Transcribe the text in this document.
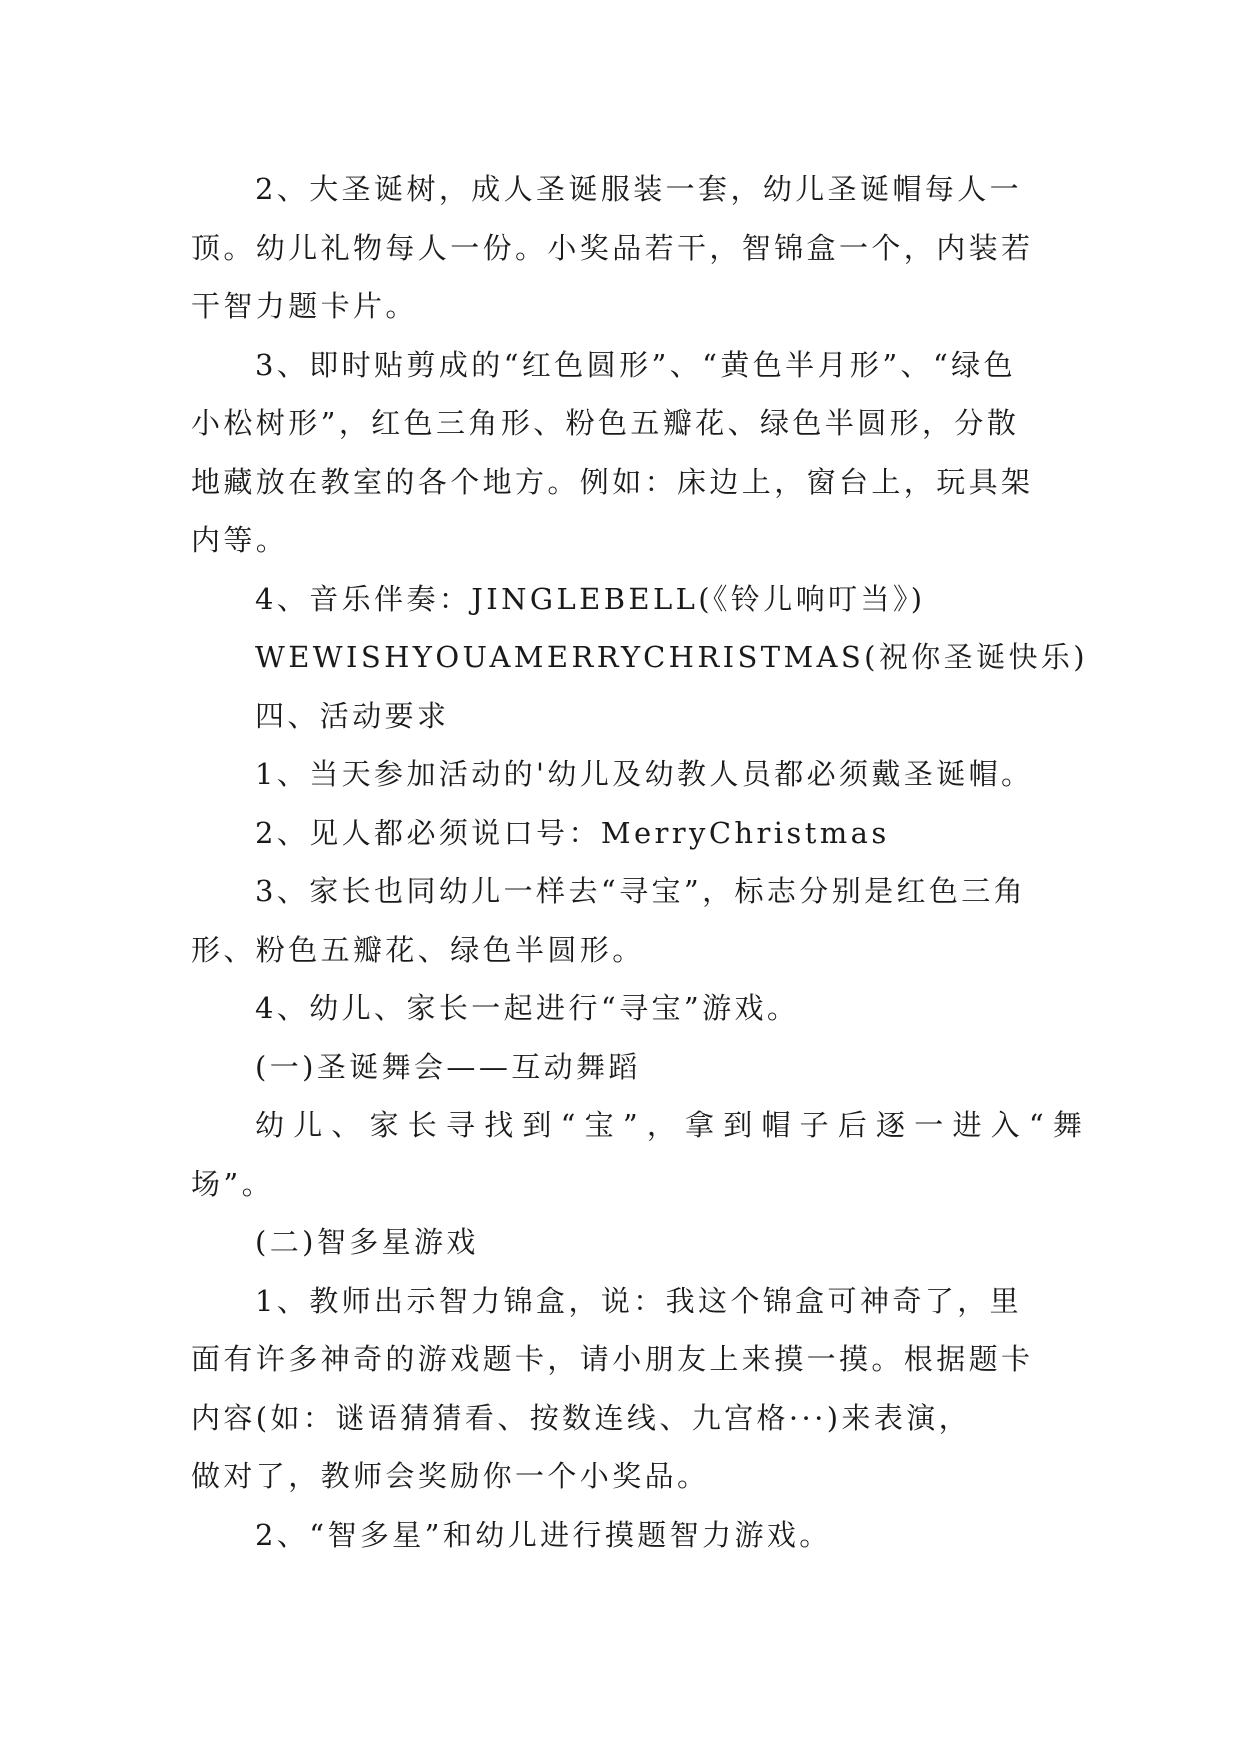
2、大圣诞树，成人圣诞服装一套，幼儿圣诞帽每人一
顶。幼儿礼物每人一份。小奖品若干，智锦盒一个，内装若
干智力题卡片。
3、即时贴剪成的“红色圆形”、“黄色半月形”、“绿色
小松树形”，红色三角形、粉色五瓣花、绿色半圆形，分散
地藏放在教室的各个地方。例如：床边上，窗台上，玩具架
内等。
4、音乐伴奏：JINGLEBELL(《铃儿响叮当》)
WEWISHYOUAMERRYCHRISTMAS(祝你圣诞快乐)
四、活动要求
1、当天参加活动的'幼儿及幼教人员都必须戴圣诞帽。
2、见人都必须说口号：MerryChristmas
3、家长也同幼儿一样去“寻宝”，标志分别是红色三角
形、粉色五瓣花、绿色半圆形。
4、幼儿、家长一起进行“寻宝”游戏。
(一)圣诞舞会——互动舞蹈
幼儿、家长寻找到“宝”，拿到帽子后逐一进入“舞
场”。
(二)智多星游戏
1、教师出示智力锦盒，说：我这个锦盒可神奇了，里
面有许多神奇的游戏题卡，请小朋友上来摸一摸。根据题卡
内容(如：谜语猜猜看、按数连线、九宫格···)来表演，
做对了，教师会奖励你一个小奖品。
2、“智多星”和幼儿进行摸题智力游戏。
